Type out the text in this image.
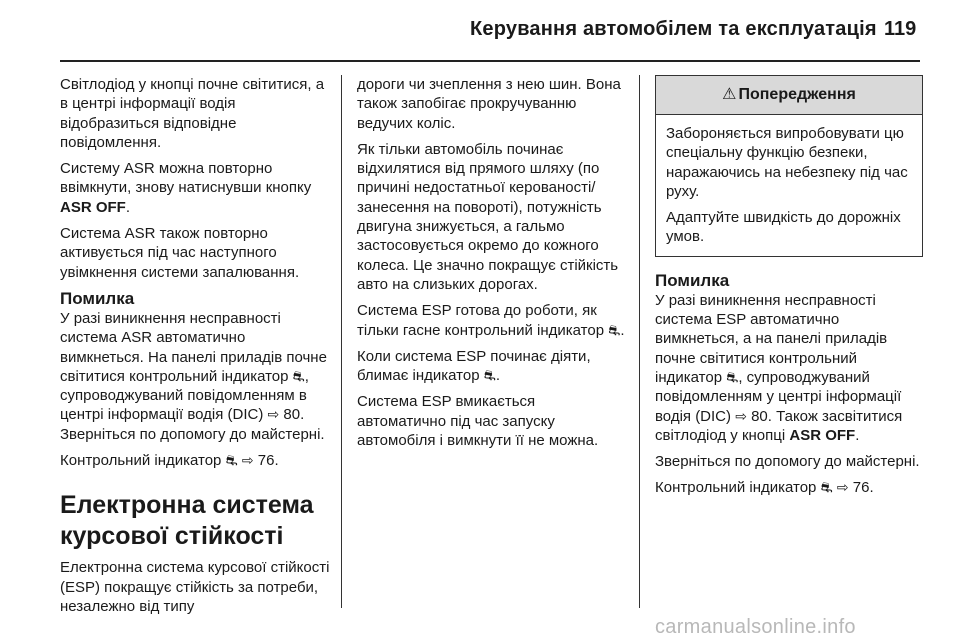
Керування автомобілем та експлуатація 119

Світлодіод у кнопці почне світитися, а в центрі інформації водія відобразиться відповідне повідомлення.

Систему ASR можна повторно ввімкнути, знову натиснувши кнопку ASR OFF.

Система ASR також повторно активується під час наступного увімкнення системи запалювання.

Помилка

У разі виникнення несправності система ASR автоматично вимкнеться. На панелі приладів почне світитися контрольний індикатор ⛐, супроводжуваний повідомленням в центрі інформації водія (DIC) ⇨ 80. Зверніться по допомогу до майстерні.

Контрольний індикатор ⛐ ⇨ 76.

Електронна система курсової стійкості

Електронна система курсової стійкості (ESP) покращує стійкість за потреби, незалежно від типу

дороги чи зчеплення з нею шин. Вона також запобігає прокручуванню ведучих коліс.

Як тільки автомобіль починає відхилятися від прямого шляху (по причині недостатньої керованості/занесення на повороті), потужність двигуна знижується, а гальмо застосовується окремо до кожного колеса. Це значно покращує стійкість авто на слизьких дорогах.

Система ESP готова до роботи, як тільки гасне контрольний індикатор ⛐.

Коли система ESP починає діяти, блимає індикатор ⛐.

Система ESP вмикається автоматично під час запуску автомобіля і вимкнути її не можна.

⚠ Попередження

Забороняється випробовувати цю спеціальну функцію безпеки, наражаючись на небезпеку під час руху.

Адаптуйте швидкість до дорожніх умов.

Помилка

У разі виникнення несправності система ESP автоматично вимкнеться, а на панелі приладів почне світитися контрольний індикатор ⛐, супроводжуваний повідомленням у центрі інформації водія (DIC) ⇨ 80. Також засвітитися світлодіод у кнопці ASR OFF.

Зверніться по допомогу до майстерні.

Контрольний індикатор ⛐ ⇨ 76.

carmanualsonline.info
